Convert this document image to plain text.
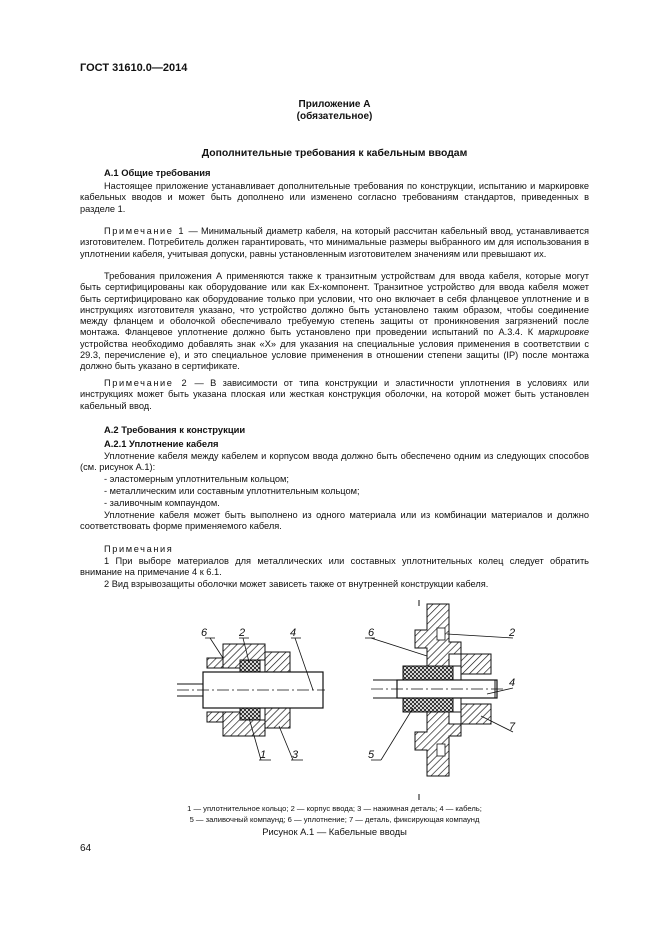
ГОСТ 31610.0—2014
Приложение А
(обязательное)
Дополнительные требования к кабельным вводам
А.1 Общие требования

Настоящее приложение устанавливает дополнительные требования по конструкции, испытанию и маркировке кабельных вводов и может быть дополнено или изменено согласно требованиям стандартов, приведенных в разделе 1.

Примечание 1 — Минимальный диаметр кабеля, на который рассчитан кабельный ввод, устанавливается изготовителем. Потребитель должен гарантировать, что минимальные размеры выбранного им для использования в уплотнении кабеля, учитывая допуски, равны установленным изготовителем значениям или превышают их.

Требования приложения А применяются также к транзитным устройствам для ввода кабеля, которые могут быть сертифицированы как оборудование или как Ex-компонент. Транзитное устройство для ввода кабеля может быть сертифицировано как оборудование только при условии, что оно включает в себя фланцевое уплотнение и в инструкциях изготовителя указано, что устройство должно быть установлено таким образом, чтобы соединение между фланцем и оболочкой обеспечивало требуемую степень защиты от проникновения загрязнений после монтажа. Фланцевое уплотнение должно быть установлено при проведении испытаний по А.3.4. К маркировке устройства необходимо добавлять знак «X» для указания на специальные условия применения в соответствии с 29.3, перечисление е), и это специальное условие применения в отношении степени защиты (IP) после монтажа должно быть указано в сертификате.

Примечание 2 — В зависимости от типа конструкции и эластичности уплотнения в условиях или инструкциях может быть указана плоская или жесткая конструкция оболочки, на которой может быть установлен кабельный ввод.

А.2 Требования к конструкции
А.2.1 Уплотнение кабеля

Уплотнение кабеля между кабелем и корпусом ввода должно быть обеспечено одним из следующих способов (см. рисунок А.1):

- эластомерным уплотнительным кольцом;

- металлическим или составным уплотнительным кольцом;

- заливочным компаундом.

Уплотнение кабеля может быть выполнено из одного материала или из комбинации материалов и должно соответствовать форме применяемого кабеля.

Примечания

1 При выборе материалов для металлических или составных уплотнительных колец следует обратить внимание на примечание 4 к 6.1.

2 Вид взрывозащиты оболочки может зависеть также от внутренней конструкции кабеля.

6	2	4
1 3
6	2
4
7
5
1 — уплотнительное кольцо; 2 — корпус ввода; 3 — нажимная деталь; 4 — кабель;
5 — заливочный компаунд; 6 — уплотнение; 7 — деталь, фиксирующая компаунд
Рисунок А.1 — Кабельные вводы
64
